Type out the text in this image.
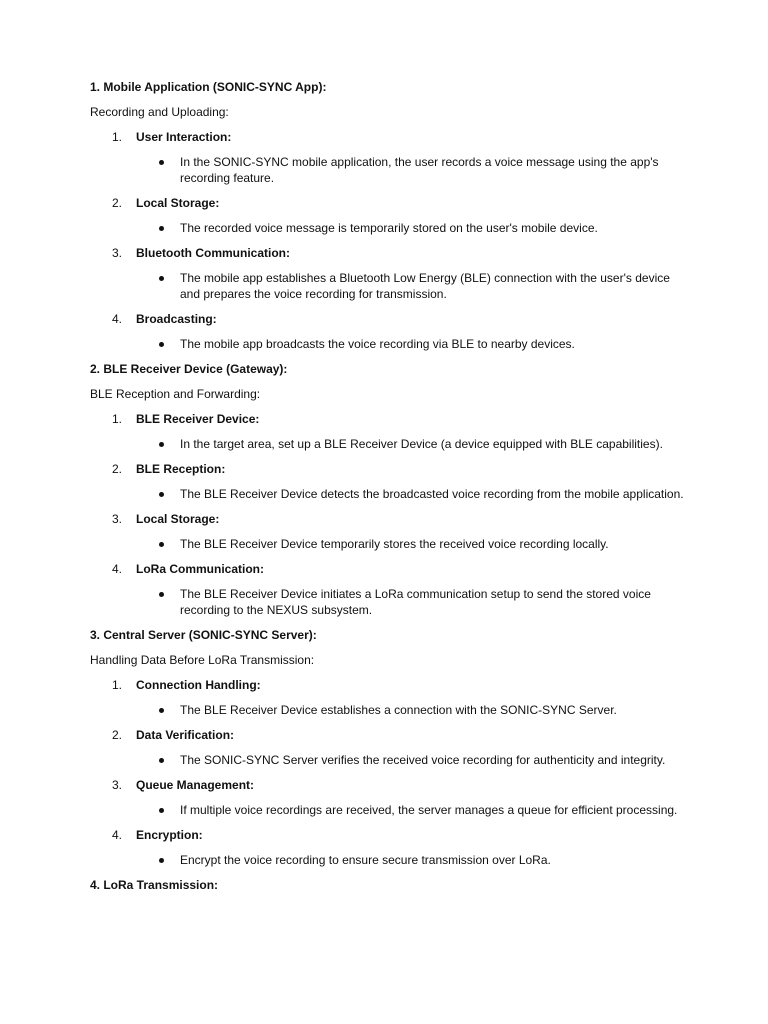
1. Mobile Application (SONIC-SYNC App):
Recording and Uploading:
1. User Interaction:
In the SONIC-SYNC mobile application, the user records a voice message using the app's recording feature.
2. Local Storage:
The recorded voice message is temporarily stored on the user's mobile device.
3. Bluetooth Communication:
The mobile app establishes a Bluetooth Low Energy (BLE) connection with the user's device and prepares the voice recording for transmission.
4. Broadcasting:
The mobile app broadcasts the voice recording via BLE to nearby devices.
2. BLE Receiver Device (Gateway):
BLE Reception and Forwarding:
1. BLE Receiver Device:
In the target area, set up a BLE Receiver Device (a device equipped with BLE capabilities).
2. BLE Reception:
The BLE Receiver Device detects the broadcasted voice recording from the mobile application.
3. Local Storage:
The BLE Receiver Device temporarily stores the received voice recording locally.
4. LoRa Communication:
The BLE Receiver Device initiates a LoRa communication setup to send the stored voice recording to the NEXUS subsystem.
3. Central Server (SONIC-SYNC Server):
Handling Data Before LoRa Transmission:
1. Connection Handling:
The BLE Receiver Device establishes a connection with the SONIC-SYNC Server.
2. Data Verification:
The SONIC-SYNC Server verifies the received voice recording for authenticity and integrity.
3. Queue Management:
If multiple voice recordings are received, the server manages a queue for efficient processing.
4. Encryption:
Encrypt the voice recording to ensure secure transmission over LoRa.
4. LoRa Transmission:
